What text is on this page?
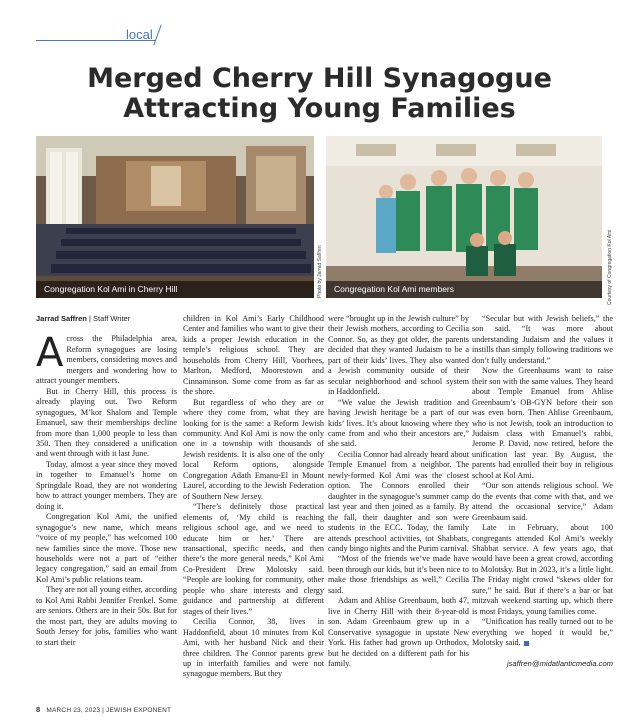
local
Merged Cherry Hill Synagogue
Attracting Young Families
Congregation Kol Ami in Cherry Hill	Photo by Jarrad Saffren	Congregation Kol Ami members	Courtesy of Congregation Kol Ami
Jarrad Saffren | Staff Writer

Across the Philadelphia area, Reform synagogues are losing members, considering moves and mergers and wondering how to attract younger members.

But in Cherry Hill, this process is already playing out. Two Reform synagogues, M’kor Shalom and Temple Emanuel, saw their memberships decline from more than 1,000 people to less than 350. Then they considered a unification and went through with it last June.

Today, almost a year since they moved in together to Emanuel’s home on Springdale Road, they are not wondering how to attract younger members. They are doing it.

Congregation Kol Ami, the unified synagogue’s new name, which means “voice of my people,” has welcomed 100 new families since the move. Those new households were not a part of “either legacy congregation,” said an email from Kol Ami’s public relations team.

They are not all young either, according to Kol Ami Rabbi Jennifer Frenkel. Some are seniors. Others are in their 50s. But for the most part, they are adults moving to South Jersey for jobs, families who want to start their

children in Kol Ami’s Early Childhood Center and families who want to give their kids a proper Jewish education in the temple’s religious school. They are households from Cherry Hill, Voorhees, Marlton, Medford, Moorestown and Cinnaminson. Some come from as far as the shore.

But regardless of who they are or where they come from, what they are looking for is the same: a Reform Jewish community. And Kol Ami is now the only one in a township with thousands of Jewish residents. It is also one of the only local Reform options, alongside Congregation Adath Emanu-El in Mount Laurel, according to the Jewish Federation of Southern New Jersey.

“There’s definitely those practical elements of, ‘My child is reaching religious school age, and we need to educate him or her.’ There are transactional, specific needs, and then there’s the more general needs,” Kol Ami Co-President Drew Molotsky said. “People are looking for community, other people who share interests and clergy guidance and partnership at different stages of their lives.”

Cecilia Connor, 38, lives in Haddonfield, about 10 minutes from Kol Ami, with her husband Nick and their three children. The Connor parents grew up in interfaith families and were not synagogue members. But they

were “brought up in the Jewish culture” by their Jewish mothers, according to Cecilia Connor. So, as they got older, the parents decided that they wanted Judaism to be a part of their kids’ lives. They also wanted a Jewish community outside of their secular neighborhood and school system in Haddonfield.

“We value the Jewish tradition and having Jewish heritage be a part of our kids’ lives. It’s about knowing where they came from and who their ancestors are,” she said.

Cecilia Connor had already heard about Temple Emanuel from a neighbor. The newly-formed Kol Ami was the closest option. The Connors enrolled their daughter in the synagogue’s summer camp last year and then joined as a family. By the fall, their daughter and son were students in the ECC. Today, the family attends preschool activities, tot Shabbats, candy bingo nights and the Purim carnival.

“Most of the friends we’ve made have been through our kids, but it’s been nice to make those friendships as well,” Cecilia said.

Adam and Ahlise Greenbaum, both 47, live in Cherry Hill with their 8-year-old son. Adam Greenbaum grew up in a Conservative synagogue in upstate New York. His father had grown up Orthodox, but he decided on a different path for his family.

“Secular but with Jewish beliefs,” the son said. “It was more about understanding Judaism and the values it instills than simply following traditions we don’t fully understand.”

Now the Greenbaums want to raise their son with the same values. They heard about Temple Emanuel from Ahlise Greenbaum’s OB-GYN before their son was even born. Then Ahlise Greenbaum, who is not Jewish, took an introduction to Judaism class with Emanuel’s rabbi, Jerome P. David, now retired, before the unification last year. By August, the parents had enrolled their boy in religious school at Kol Ami.

“Our son attends religious school. We do the events that come with that, and we attend the occasional service,” Adam Greenbaum said.

Late in February, about 100 congregants attended Kol Ami’s weekly Shabbat service. A few years ago, that would have been a great crowd, according to Molotsky. But in 2023, it’s a little light. The Friday night crowd “skews older for sure,” he said. But if there’s a bar or bat mitzvah weekend starting up, which there is most Fridays, young families come.

“Unification has really turned out to be everything we hoped it would be,” Molotsky said.

jsaffren@midatlanticmedia.com
8 MARCH 23, 2023 | JEWISH EXPONENT
